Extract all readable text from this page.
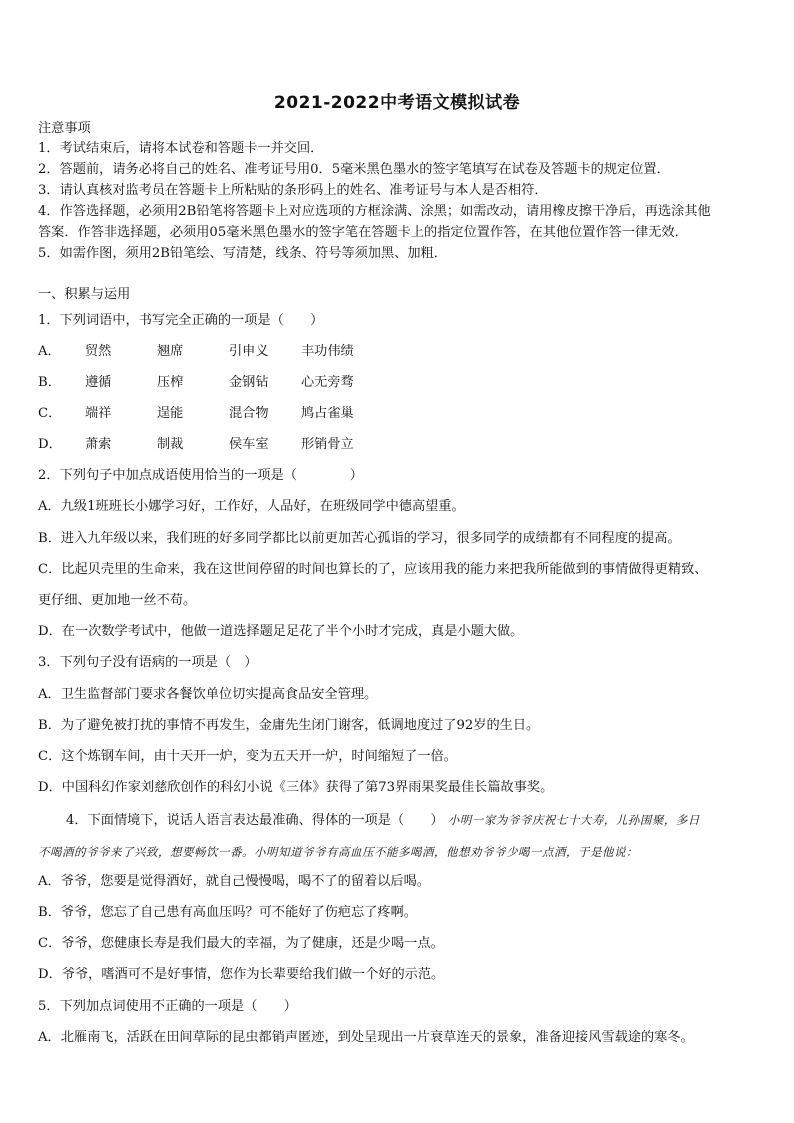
2021-2022中考语文模拟试卷
注意事项
1．考试结束后，请将本试卷和答题卡一并交回．
2．答题前，请务必将自己的姓名、准考证号用0．5毫米黑色墨水的签字笔填写在试卷及答题卡的规定位置．
3．请认真核对监考员在答题卡上所粘贴的条形码上的姓名、准考证号与本人是否相符．
4．作答选择题，必须用2B铅笔将答题卡上对应选项的方框涂满、涂黑；如需改动，请用橡皮擦干净后，再选涂其他
答案．作答非选择题，必须用05毫米黑色墨水的签字笔在答题卡上的指定位置作答，在其他位置作答一律无效．
5．如需作图，须用2B铅笔绘、写清楚，线条、符号等须加黑、加粗．
一、积累与运用
1．下列词语中，书写完全正确的一项是（　　）
A．	贸然	翘席	引申义	丰功伟绩
B．	遵循	压榨	金钢钻	心无旁骛
C．	端祥	逞能	混合物	鸠占雀巢
D．	萧索	制裁	侯车室	形销骨立
2．下列句子中加点成语使用恰当的一项是（　　　　）
A．九级1班班长小娜学习好，工作好，人品好，在班级同学中德高望重。
B．进入九年级以来，我们班的好多同学都比以前更加苦心孤诣的学习，很多同学的成绩都有不同程度的提高。
C．比起贝壳里的生命来，我在这世间停留的时间也算长的了，应该用我的能力来把我所能做到的事情做得更精致、
更仔细、更加地一丝不苟。
D．在一次数学考试中，他做一道选择题足足花了半个小时才完成，真是小题大做。
3．下列句子没有语病的一项是（　）
A．卫生监督部门要求各餐饮单位切实提高食品安全管理。
B．为了避免被打扰的事情不再发生，金庸先生闭门谢客，低调地度过了92岁的生日。
C．这个炼钢车间，由十天开一炉，变为五天开一炉，时间缩短了一倍。
D．中国科幻作家刘慈欣创作的科幻小说《三体》获得了第73界雨果奖最佳长篇故事奖。
4．下面情境下，说话人语言表达最准确、得体的一项是（　　） 小明一家为爷爷庆祝七十大寿，儿孙围聚，多日
不喝酒的爷爷来了兴致，想要畅饮一番。小明知道爷爷有高血压不能多喝酒，他想劝爷爷少喝一点酒，于是他说：
A．爷爷，您要是觉得酒好，就自己慢慢喝，喝不了的留着以后喝。
B．爷爷，您忘了自己患有高血压吗？可不能好了伤疤忘了疼啊。
C．爷爷，您健康长寿是我们最大的幸福，为了健康，还是少喝一点。
D．爷爷，嗜酒可不是好事情，您作为长辈要给我们做一个好的示范。
5．下列加点词使用不正确的一项是（　　）
A．北雁南飞，活跃在田间草际的昆虫都销声匿迹，到处呈现出一片衰草连天的景象，准备迎接风雪载途的寒冬。
